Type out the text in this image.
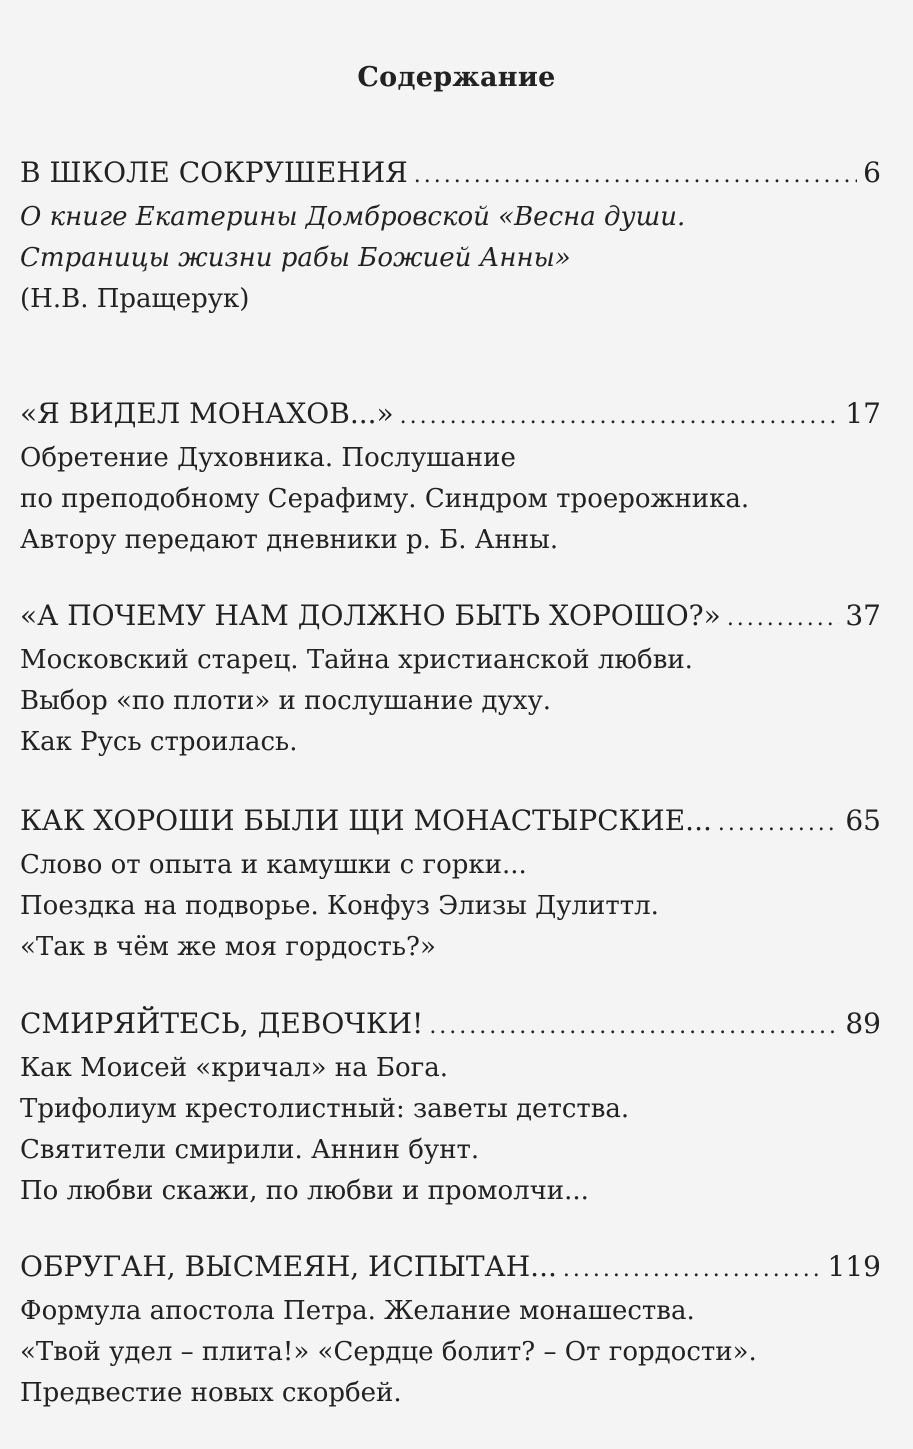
Содержание
В ШКОЛЕ СОКРУШЕНИЯ .....	6
О книге Екатерины Домбровской «Весна души.
Страницы жизни рабы Божией Анны»
(Н.В. Прaщерук)
«Я ВИДЕЛ МОНАХОВ...» .....	17
Обретение Духовника. Послушание
по преподобному Серафиму. Синдром троерожника.
Автору передают дневники р. Б. Анны.
«А ПОЧЕМУ НАМ ДОЛЖНО БЫТЬ ХОРОШО?» .....	37
Московский старец. Тайна христианской любви.
Выбор «по плоти» и послушание духу.
Как Русь строилась.
КАК ХОРОШИ БЫЛИ ЩИ МОНАСТЫРСКИЕ... .....	65
Слово от опыта и камушки с горки...
Поездка на подворье. Конфуз Элизы Дулиттл.
«Так в чём же моя гордость?»
СМИРЯЙТЕСЬ, ДЕВОЧКИ! .....	89
Как Моисей «кричал» на Бога.
Трифолиум крестолистный: заветы детства.
Святители смирили. Аннин бунт.
По любви скажи, по любви и промолчи...
ОБРУГАН, ВЫСМЕЯН, ИСПЫТАН... .....	119
Формула апостола Петра. Желание монашества.
«Твой удел – плита!» «Сердце болит? – От гордости».
Предвестие новых скорбей.
